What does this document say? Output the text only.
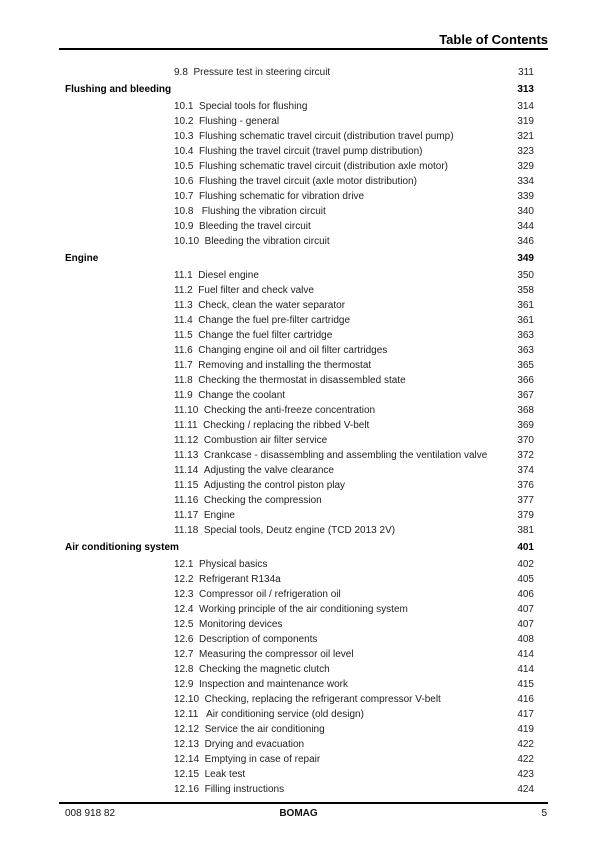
Table of Contents
9.8 Pressure test in steering circuit	311
Flushing and bleeding	313
10.1 Special tools for flushing	314
10.2 Flushing - general	319
10.3 Flushing schematic travel circuit (distribution travel pump)	321
10.4 Flushing the travel circuit (travel pump distribution)	323
10.5 Flushing schematic travel circuit (distribution axle motor)	329
10.6 Flushing the travel circuit (axle motor distribution)	334
10.7 Flushing schematic for vibration drive	339
10.8   Flushing the vibration circuit	340
10.9 Bleeding the travel circuit	344
10.10 Bleeding the vibration circuit	346
Engine	349
11.1 Diesel engine	350
11.2 Fuel filter and check valve	358
11.3 Check, clean the water separator	361
11.4 Change the fuel pre-filter cartridge	361
11.5 Change the fuel filter cartridge	363
11.6 Changing engine oil and oil filter cartridges	363
11.7 Removing and installing the thermostat	365
11.8 Checking the thermostat in disassembled state	366
11.9 Change the coolant	367
11.10 Checking the anti-freeze concentration	368
11.11 Checking / replacing the ribbed V-belt	369
11.12 Combustion air filter service	370
11.13 Crankcase - disassembling and assembling the ventilation valve	372
11.14 Adjusting the valve clearance	374
11.15 Adjusting the control piston play	376
11.16 Checking the compression	377
11.17 Engine	379
11.18 Special tools, Deutz engine (TCD 2013 2V)	381
Air conditioning system	401
12.1 Physical basics	402
12.2 Refrigerant R134a	405
12.3 Compressor oil / refrigeration oil	406
12.4 Working principle of the air conditioning system	407
12.5 Monitoring devices	407
12.6 Description of components	408
12.7 Measuring the compressor oil level	414
12.8 Checking the magnetic clutch	414
12.9 Inspection and maintenance work	415
12.10 Checking, replacing the refrigerant compressor V-belt	416
12.11   Air conditioning service (old design)	417
12.12 Service the air conditioning	419
12.13 Drying and evacuation	422
12.14 Emptying in case of repair	422
12.15 Leak test	423
12.16 Filling instructions	424
008 918 82	BOMAG	5
